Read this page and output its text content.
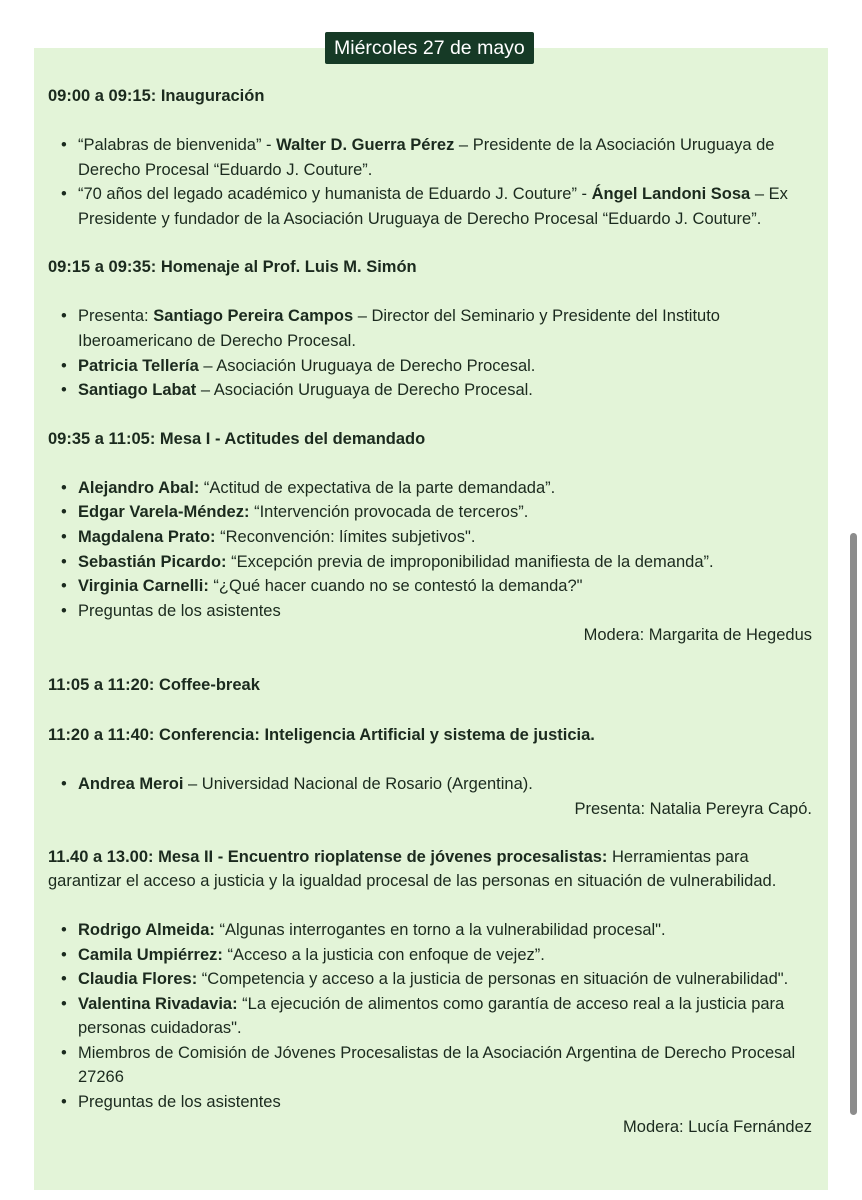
Miércoles 27 de mayo

09:00 a 09:15: Inauguración

• “Palabras de bienvenida” - Walter D. Guerra Pérez – Presidente de la Asociación Uruguaya de Derecho Procesal “Eduardo J. Couture”.
• “70 años del legado académico y humanista de Eduardo J. Couture” - Ángel Landoni Sosa – Ex Presidente y fundador de la Asociación Uruguaya de Derecho Procesal “Eduardo J. Couture”.

09:15 a 09:35: Homenaje al Prof. Luis M. Simón

• Presenta: Santiago Pereira Campos – Director del Seminario y Presidente del Instituto Iberoamericano de Derecho Procesal.
• Patricia Tellería – Asociación Uruguaya de Derecho Procesal.
• Santiago Labat – Asociación Uruguaya de Derecho Procesal.

09:35 a 11:05: Mesa I - Actitudes del demandado

• Alejandro Abal: “Actitud de expectativa de la parte demandada”.
• Edgar Varela-Méndez: “Intervención provocada de terceros”.
• Magdalena Prato: “Reconvención: límites subjetivos".
• Sebastián Picardo: “Excepción previa de improponibilidad manifiesta de la demanda”.
• Virginia Carnelli: “¿Qué hacer cuando no se contestó la demanda?"
• Preguntas de los asistentes
Modera: Margarita de Hegedus

11:05 a 11:20: Coffee-break

11:20 a 11:40: Conferencia: Inteligencia Artificial y sistema de justicia.

• Andrea Meroi – Universidad Nacional de Rosario (Argentina).
Presenta: Natalia Pereyra Capó.

11.40 a 13.00: Mesa II - Encuentro rioplatense de jóvenes procesalistas: Herramientas para garantizar el acceso a justicia y la igualdad procesal de las personas en situación de vulnerabilidad.

• Rodrigo Almeida: “Algunas interrogantes en torno a la vulnerabilidad procesal".
• Camila Umpiérrez: “Acceso a la justicia con enfoque de vejez”.
• Claudia Flores: “Competencia y acceso a la justicia de personas en situación de vulnerabilidad".
• Valentina Rivadavia: “La ejecución de alimentos como garantía de acceso real a la justicia para personas cuidadoras".
• Miembros de Comisión de Jóvenes Procesalistas de la Asociación Argentina de Derecho Procesal 27266
• Preguntas de los asistentes
Modera: Lucía Fernández
